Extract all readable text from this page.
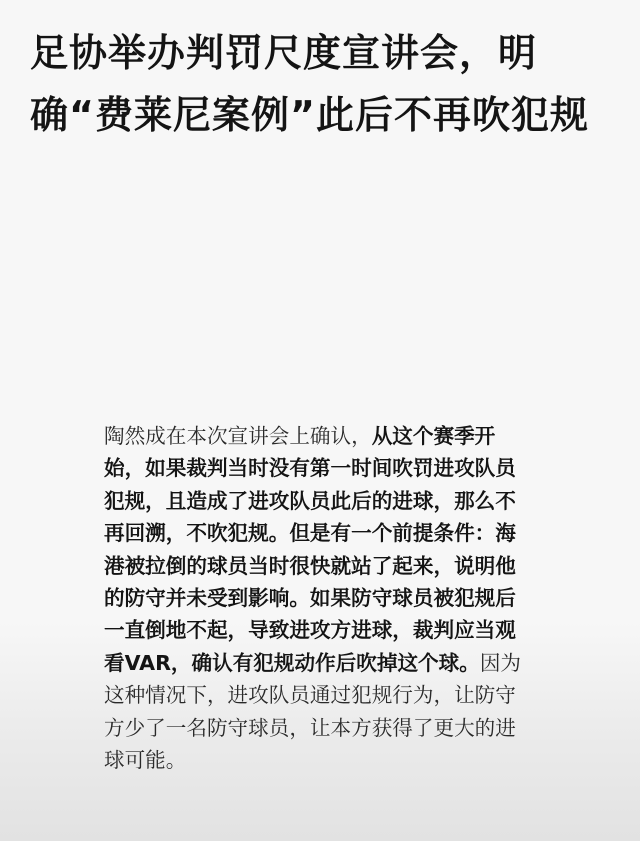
足协举办判罚尺度宣讲会，明确“费莱尼案例”此后不再吹犯规

陶然成在本次宣讲会上确认，从这个赛季开始，如果裁判当时没有第一时间吹罚进攻队员犯规，且造成了进攻队员此后的进球，那么不再回溯，不吹犯规。但是有一个前提条件：海港被拉倒的球员当时很快就站了起来，说明他的防守并未受到影响。如果防守球员被犯规后一直倒地不起，导致进攻方进球，裁判应当观看VAR，确认有犯规动作后吹掉这个球。因为这种情况下，进攻队员通过犯规行为，让防守方少了一名防守球员，让本方获得了更大的进球可能。
